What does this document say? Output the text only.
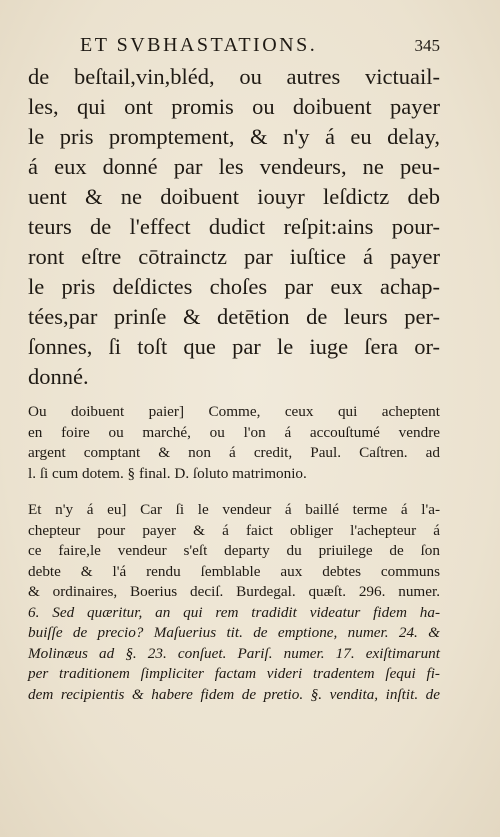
ET SVBHASTATIONS.	345
de beſtail,vin,bléd, ou autres victuail-
les, qui ont promis ou doibuent payer
le pris promptement, & n'y á eu delay,
á eux donné par les vendeurs, ne peu-
uent & ne doibuent iouyr leſdictz deb
teurs de l'effect dudict reſpit:ains pour-
ront eſtre cōtrainctz par iuſtice á payer
le pris deſdictes choſes par eux achap-
tées,par prinſe & detētion de leurs per-
ſonnes, ſi toſt que par le iuge ſera or-
donné.
Ou doibuent paier] Comme, ceux qui acheptent
en foire ou marché, ou l'on á accouſtumé vendre
argent comptant & non á credit, Paul. Caſtren. ad
l. ſi cum dotem. § final. D. ſoluto matrimonio.
Et n'y á eu] Car ſi le vendeur á baillé terme á l'a-
chepteur pour payer & á faict obliger l'achepteur á
ce faire,le vendeur s'eſt departy du priuilege de ſon
debte & l'á rendu ſemblable aux debtes communs
& ordinaires, Boerius deciſ. Burdegal. quæſt. 296. numer.
6. Sed quæritur, an qui rem tradidit videatur fidem ha-
buiſſe de precio? Maſuerius tit. de emptione, numer. 24. &
Molinæus ad §. 23. conſuet. Pariſ. numer. 17. exiſtimarunt
per traditionem ſimpliciter factam videri tradentem ſequi fi-
dem recipientis & habere fidem de pretio. §. vendita, inſtit. de
